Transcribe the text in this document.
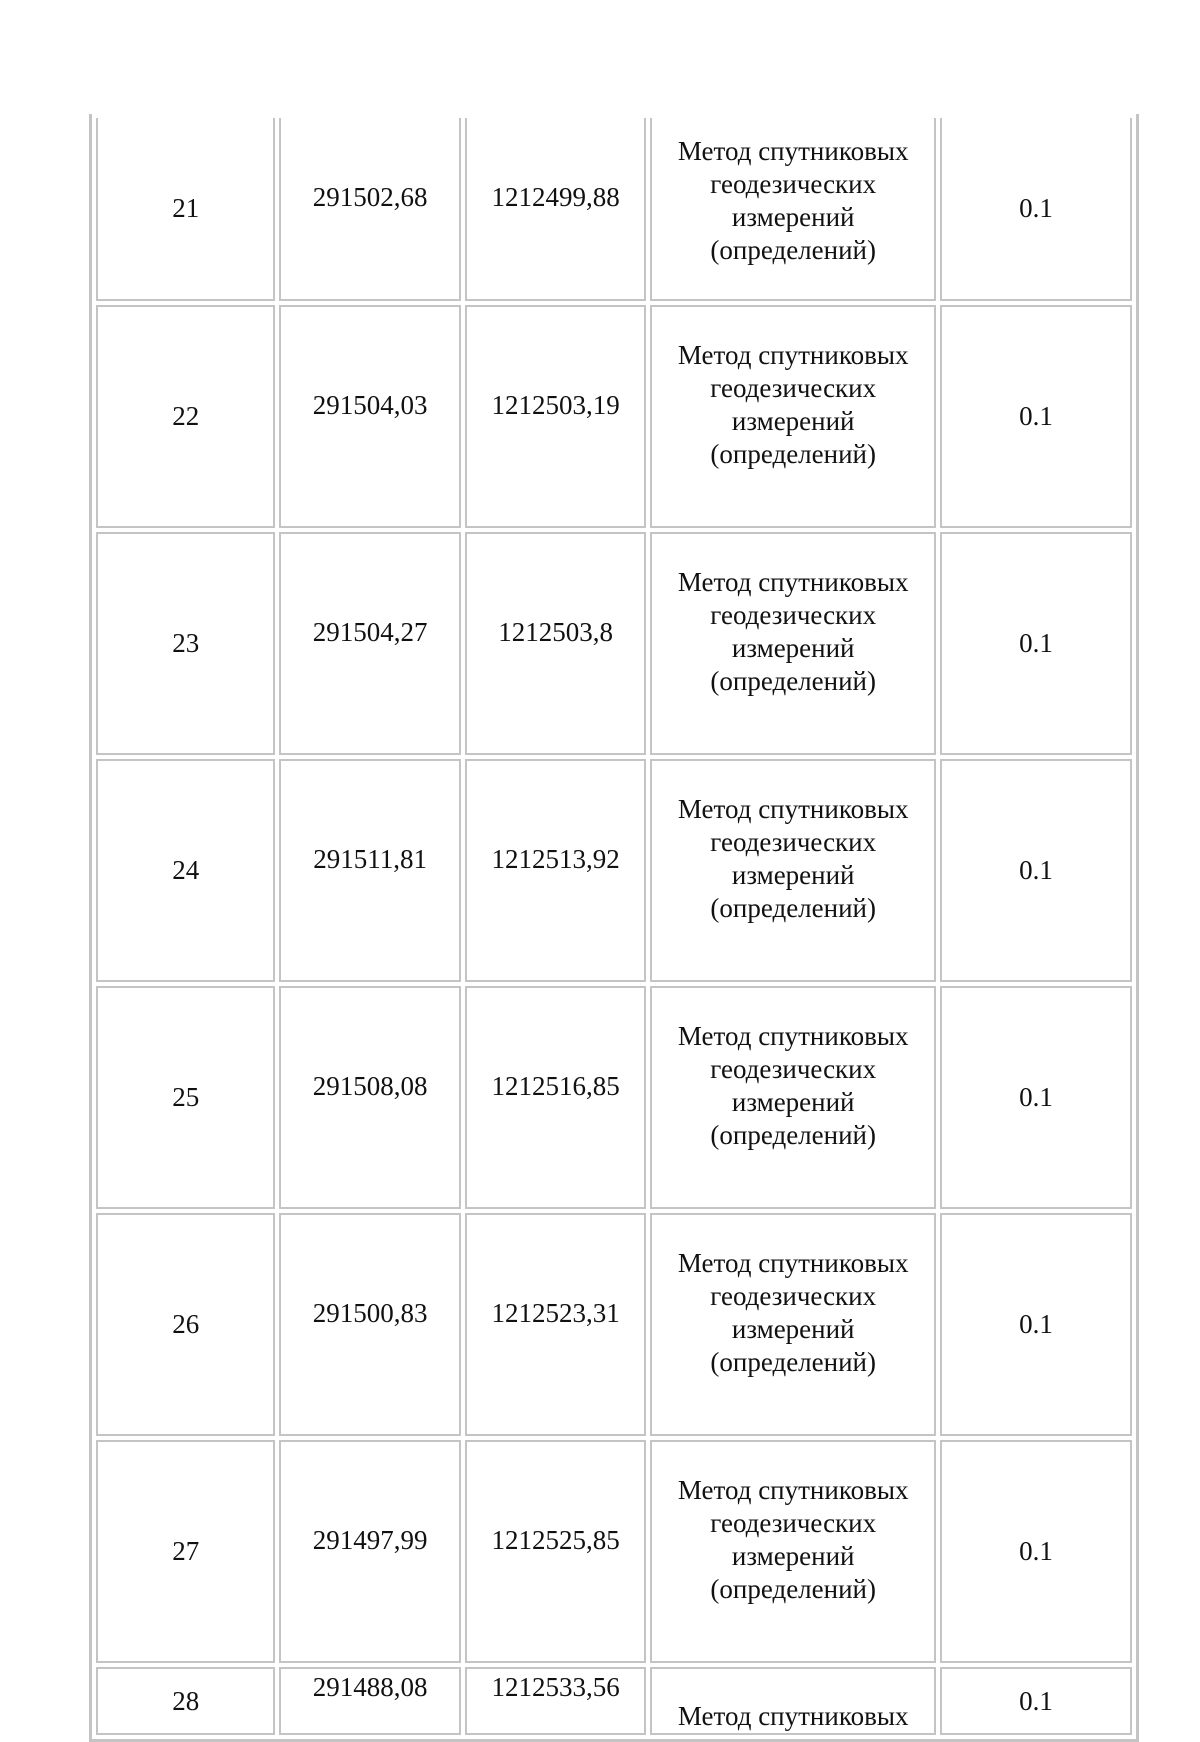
21	291502,68	1212499,88	Метод спутниковых геодезических измерений (определений)	0.1
22	291504,03	1212503,19	Метод спутниковых геодезических измерений (определений)	0.1
23	291504,27	1212503,8	Метод спутниковых геодезических измерений (определений)	0.1
24	291511,81	1212513,92	Метод спутниковых геодезических измерений (определений)	0.1
25	291508,08	1212516,85	Метод спутниковых геодезических измерений (определений)	0.1
26	291500,83	1212523,31	Метод спутниковых геодезических измерений (определений)	0.1
27	291497,99	1212525,85	Метод спутниковых геодезических измерений (определений)	0.1
28	291488,08	1212533,56	Метод спутниковых	0.1
